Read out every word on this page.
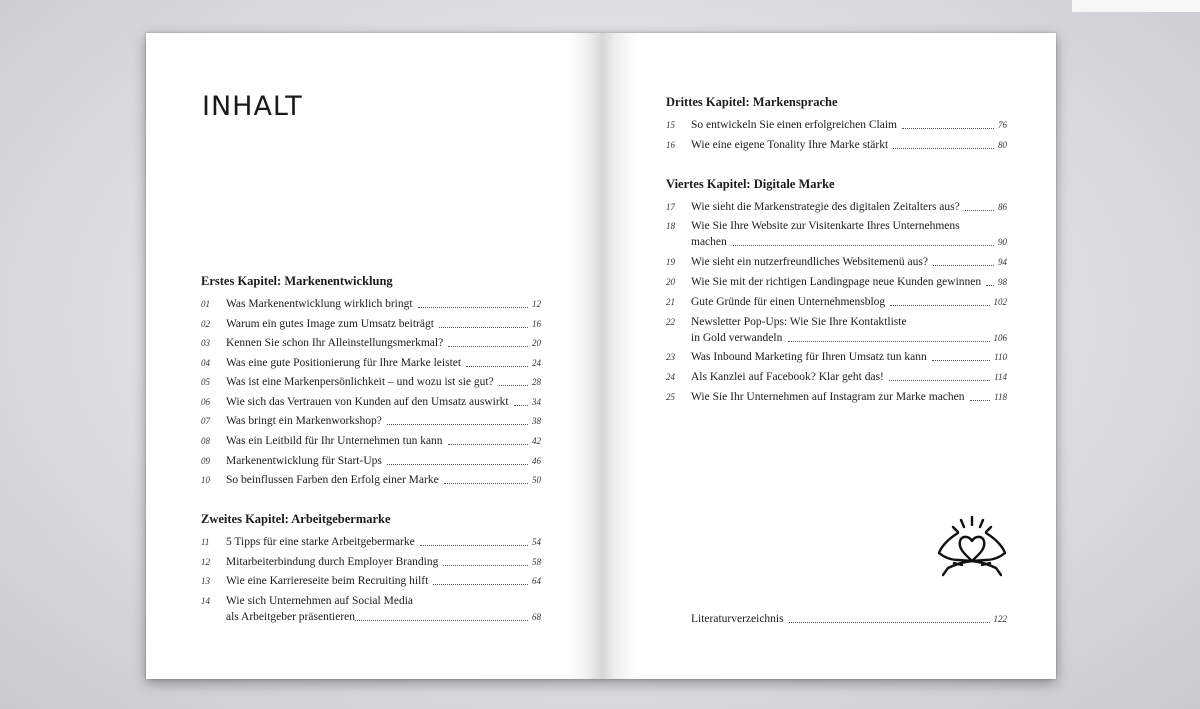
INHALT
Erstes Kapitel: Markenentwicklung
01 Was Markenentwicklung wirklich bringt	12
02 Warum ein gutes Image zum Umsatz beiträgt	16
03 Kennen Sie schon Ihr Alleinstellungsmerkmal?	20
04 Was eine gute Positionierung für Ihre Marke leistet	24
05 Was ist eine Markenpersönlichkeit – und wozu ist sie gut?	28
06 Wie sich das Vertrauen von Kunden auf den Umsatz auswirkt	34
07 Was bringt ein Markenworkshop?	38
08 Was ein Leitbild für Ihr Unternehmen tun kann	42
09 Markenentwicklung für Start-Ups	46
10 So beinflussen Farben den Erfolg einer Marke	50
Zweites Kapitel: Arbeitgebermarke
11 5 Tipps für eine starke Arbeitgebermarke	54
12 Mitarbeiterbindung durch Employer Branding	58
13 Wie eine Karriereseite beim Recruiting hilft	64
14 Wie sich Unternehmen auf Social Media
als Arbeitgeber präsentieren	68
Drittes Kapitel: Markensprache
15 So entwickeln Sie einen erfolgreichen Claim	76
16 Wie eine eigene Tonality Ihre Marke stärkt	80
Viertes Kapitel: Digitale Marke
17 Wie sieht die Markenstrategie des digitalen Zeitalters aus?	86
18 Wie Sie Ihre Website zur Visitenkarte Ihres Unternehmens
machen	90
19 Wie sieht ein nutzerfreundliches Websitemenü aus?	94
20 Wie Sie mit der richtigen Landingpage neue Kunden gewinnen 98
21 Gute Gründe für einen Unternehmensblog	102
22 Newsletter Pop-Ups: Wie Sie Ihre Kontaktliste
in Gold verwandeln	106
23 Was Inbound Marketing für Ihren Umsatz tun kann	110
24 Als Kanzlei auf Facebook? Klar geht das!	114
25 Wie Sie Ihr Unternehmen auf Instagram zur Marke machen	118
Literaturverzeichnis	122
